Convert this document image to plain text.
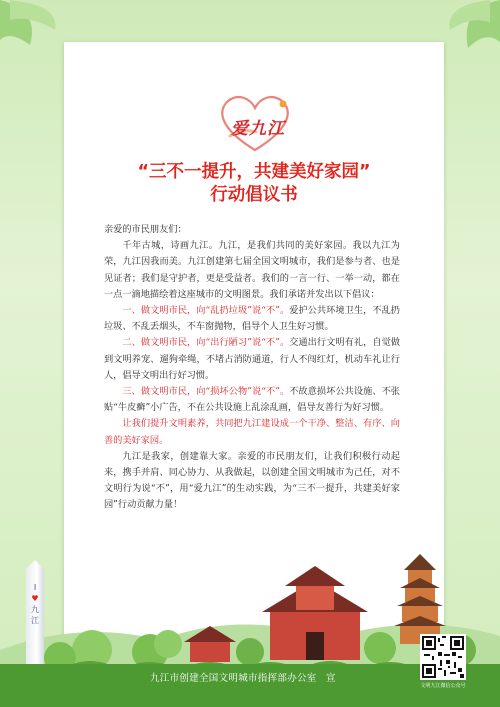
爱九江
“三不一提升，共建美好家园”
行动倡议书

亲爱的市民朋友们：

千年古城，诗画九江。九江，是我们共同的美好家园。我以九江为荣，九江因我而美。九江创建第七届全国文明城市，我们是参与者、也是见证者；我们是守护者，更是受益者。我们的一言一行、一举一动，都在一点一滴地描绘着这座城市的文明图景。我们承诺并发出以下倡议：

一、做文明市民，向“乱扔垃圾”说“不”。爱护公共环境卫生，不乱扔垃圾、不乱丢烟头，不车窗抛物，倡导个人卫生好习惯。

二、做文明市民，向“出行陋习”说“不”。交通出行文明有礼，自觉做到文明养宠、遛狗牵绳，不堵占消防通道，行人不闯红灯，机动车礼让行人，倡导文明出行好习惯。

三、做文明市民，向“损坏公物”说“不”。不故意损坏公共设施、不张贴“牛皮癣”小广告，不在公共设施上乱涂乱画，倡导友善行为好习惯。

让我们提升文明素养，共同把九江建设成一个干净、整洁、有序、向善的美好家园。

九江是我家，创建靠大家。亲爱的市民朋友们，让我们积极行动起来，携手并肩、同心协力、从我做起，以创建全国文明城市为己任，对不文明行为说“不”，用“爱九江”的生动实践，为“三不一提升，共建美好家园”行动贡献力量！

I
♥
九江
九江市创建全国文明城市指挥部办公室 宣
文明九江微信公众号
